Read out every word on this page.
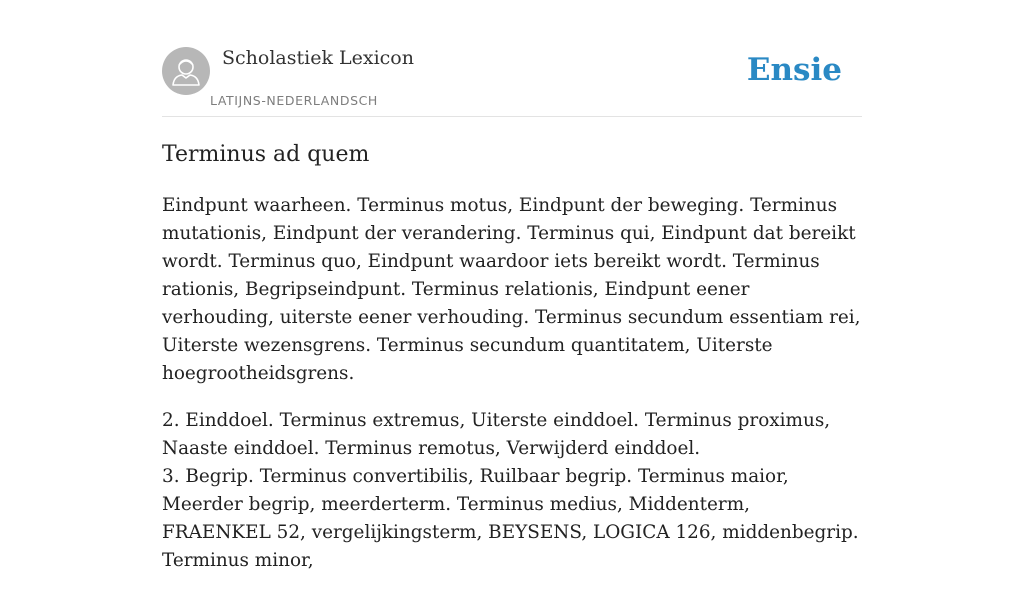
Scholastiek Lexicon
LATIJNS-NEDERLANDSCH
Ensie
Terminus ad quem

Eindpunt waarheen. Terminus motus, Eindpunt der beweging. Terminus mutationis, Eindpunt der verandering. Terminus qui, Eindpunt dat bereikt wordt. Terminus quo, Eindpunt waardoor iets bereikt wordt. Terminus rationis, Begripseindpunt. Terminus relationis, Eindpunt eener verhouding, uiterste eener verhouding. Terminus secundum essentiam rei, Uiterste wezensgrens. Terminus secundum quantitatem, Uiterste hoegrootheidsgrens.

2. Einddoel. Terminus extremus, Uiterste einddoel. Terminus proximus, Naaste einddoel. Terminus remotus, Verwijderd einddoel.
3. Begrip. Terminus convertibilis, Ruilbaar begrip. Terminus maior, Meerder begrip, meerderterm. Terminus medius, Middenterm, FRAENKEL 52, vergelijkingsterm, BEYSENS, LOGICA 126, middenbegrip. Terminus minor,
